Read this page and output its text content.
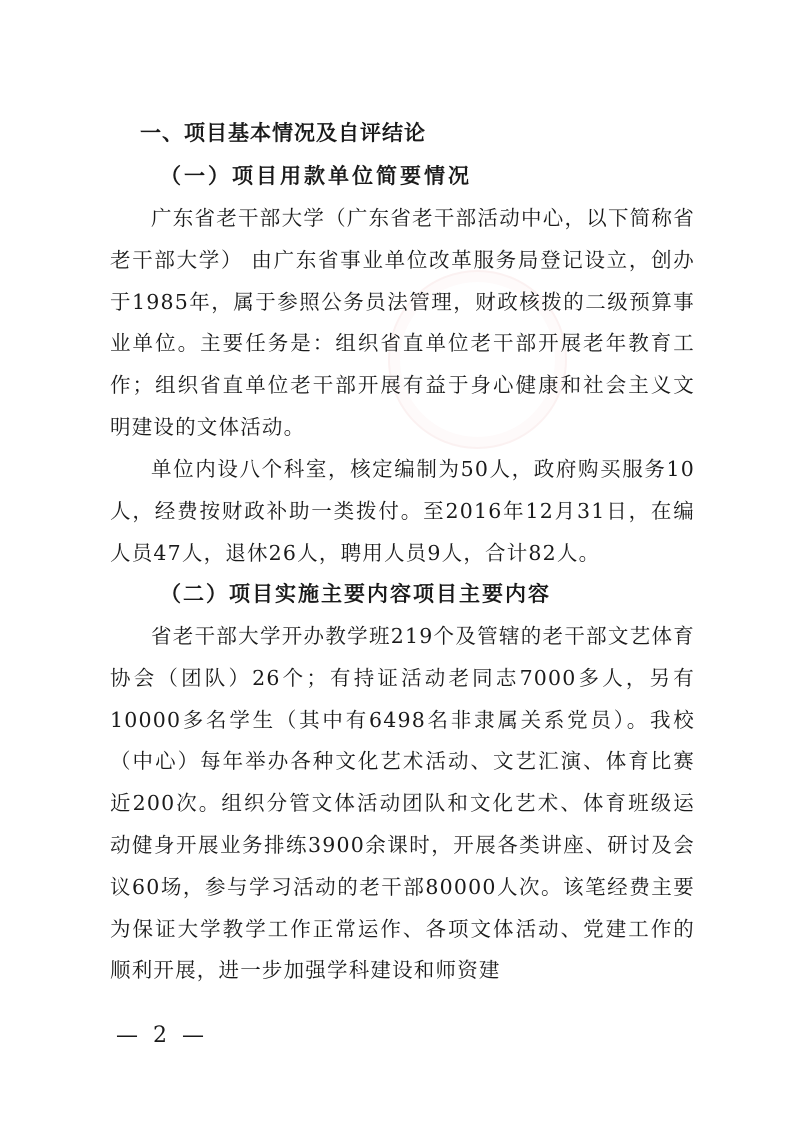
一、项目基本情况及自评结论
（一）项目用款单位简要情况

广东省老干部大学（广东省老干部活动中心，以下简称省老干部大学） 由广东省事业单位改革服务局登记设立，创办于1985年，属于参照公务员法管理，财政核拨的二级预算事业单位。主要任务是：组织省直单位老干部开展老年教育工作；组织省直单位老干部开展有益于身心健康和社会主义文明建设的文体活动。

单位内设八个科室，核定编制为50人，政府购买服务10人，经费按财政补助一类拨付。至2016年12月31日，在编人员47人，退休26人，聘用人员9人，合计82人。

（二）项目实施主要内容项目主要内容

省老干部大学开办教学班219个及管辖的老干部文艺体育协会（团队）26个；有持证活动老同志7000多人，另有10000多名学生（其中有6498名非隶属关系党员）。我校（中心）每年举办各种文化艺术活动、文艺汇演、体育比赛近200次。组织分管文体活动团队和文化艺术、体育班级运动健身开展业务排练3900余课时，开展各类讲座、研讨及会议60场，参与学习活动的老干部80000人次。该笔经费主要为保证大学教学工作正常运作、各项文体活动、党建工作的顺利开展，进一步加强学科建设和师资建

— 2 —
